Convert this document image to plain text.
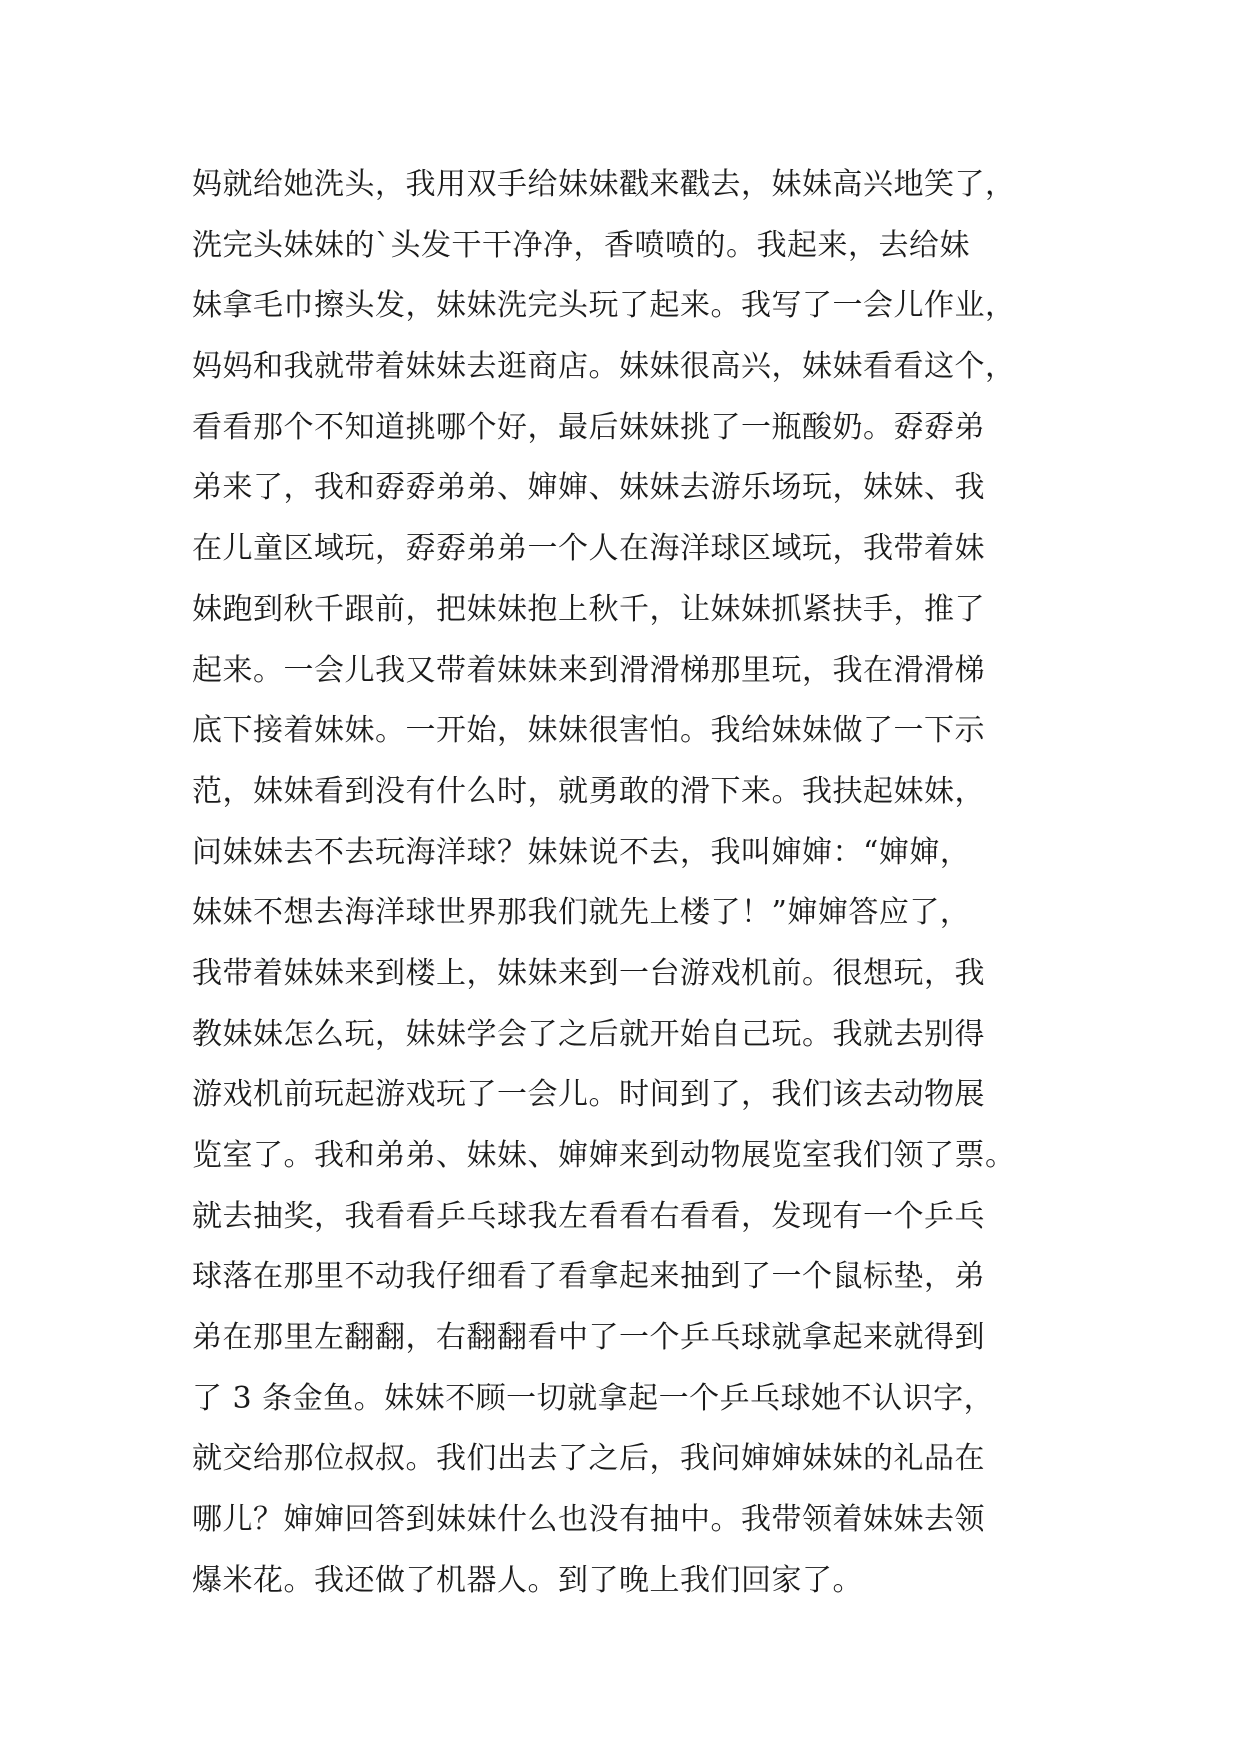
妈就给她洗头，我用双手给妹妹戳来戳去，妹妹高兴地笑了，
洗完头妹妹的`头发干干净净，香喷喷的。我起来，去给妹
妹拿毛巾擦头发，妹妹洗完头玩了起来。我写了一会儿作业，
妈妈和我就带着妹妹去逛商店。妹妹很高兴，妹妹看看这个，
看看那个不知道挑哪个好，最后妹妹挑了一瓶酸奶。孬孬弟
弟来了，我和孬孬弟弟、婶婶、妹妹去游乐场玩，妹妹、我
在儿童区域玩，孬孬弟弟一个人在海洋球区域玩，我带着妹
妹跑到秋千跟前，把妹妹抱上秋千，让妹妹抓紧扶手，推了
起来。一会儿我又带着妹妹来到滑滑梯那里玩，我在滑滑梯
底下接着妹妹。一开始，妹妹很害怕。我给妹妹做了一下示
范，妹妹看到没有什么时，就勇敢的滑下来。我扶起妹妹，
问妹妹去不去玩海洋球？妹妹说不去，我叫婶婶：“婶婶，
妹妹不想去海洋球世界那我们就先上楼了！”婶婶答应了，
我带着妹妹来到楼上，妹妹来到一台游戏机前。很想玩，我
教妹妹怎么玩，妹妹学会了之后就开始自己玩。我就去别得
游戏机前玩起游戏玩了一会儿。时间到了，我们该去动物展
览室了。我和弟弟、妹妹、婶婶来到动物展览室我们领了票。
就去抽奖，我看看乒乓球我左看看右看看，发现有一个乒乓
球落在那里不动我仔细看了看拿起来抽到了一个鼠标垫，弟
弟在那里左翻翻，右翻翻看中了一个乒乓球就拿起来就得到
了 3 条金鱼。妹妹不顾一切就拿起一个乒乓球她不认识字，
就交给那位叔叔。我们出去了之后，我问婶婶妹妹的礼品在
哪儿？婶婶回答到妹妹什么也没有抽中。我带领着妹妹去领
爆米花。我还做了机器人。到了晚上我们回家了。
